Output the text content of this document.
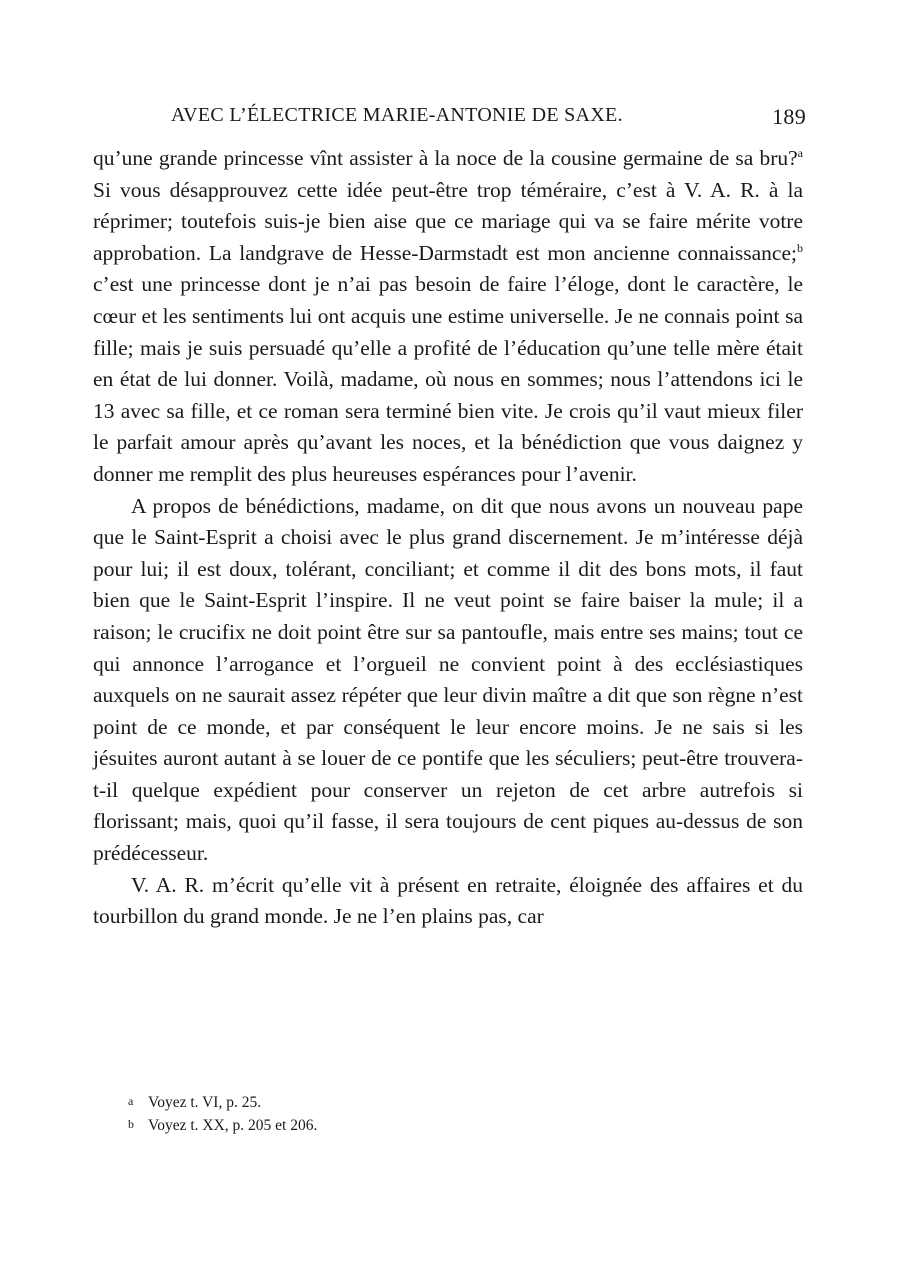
AVEC L’ÉLECTRICE MARIE-ANTONIE DE SAXE.	189

qu’une grande princesse vînt assister à la noce de la cousine germaine de sa bru?$^a$ Si vous désapprouvez cette idée peut-être trop téméraire, c’est à V. A. R. à la réprimer; toutefois suis-je bien aise que ce mariage qui va se faire mérite votre approbation. La landgrave de Hesse-Darmstadt est mon ancienne connaissance;$^b$ c’est une princesse dont je n’ai pas besoin de faire l’éloge, dont le caractère, le cœur et les sentiments lui ont acquis une estime universelle. Je ne connais point sa fille; mais je suis persuadé qu’elle a profité de l’éducation qu’une telle mère était en état de lui donner. Voilà, madame, où nous en sommes; nous l’attendons ici le 13 avec sa fille, et ce roman sera terminé bien vite. Je crois qu’il vaut mieux filer le parfait amour après qu’avant les noces, et la bénédiction que vous daignez y donner me remplit des plus heureuses espérances pour l’avenir.

A propos de bénédictions, madame, on dit que nous avons un nouveau pape que le Saint-Esprit a choisi avec le plus grand discernement. Je m’intéresse déjà pour lui; il est doux, tolérant, conciliant; et comme il dit des bons mots, il faut bien que le Saint-Esprit l’inspire. Il ne veut point se faire baiser la mule; il a raison; le crucifix ne doit point être sur sa pantoufle, mais entre ses mains; tout ce qui annonce l’arrogance et l’orgueil ne convient point à des ecclésiastiques auxquels on ne saurait assez répéter que leur divin maître a dit que son règne n’est point de ce monde, et par conséquent le leur encore moins. Je ne sais si les jésuites auront autant à se louer de ce pontife que les séculiers; peut-être trouvera-t-il quelque expédient pour conserver un rejeton de cet arbre autrefois si florissant; mais, quoi qu’il fasse, il sera toujours de cent piques au-dessus de son prédécesseur.

V. A. R. m’écrit qu’elle vit à présent en retraite, éloignée des affaires et du tourbillon du grand monde. Je ne l’en plains pas, car

a Voyez t. VI, p. 25.
b Voyez t. XX, p. 205 et 206.
